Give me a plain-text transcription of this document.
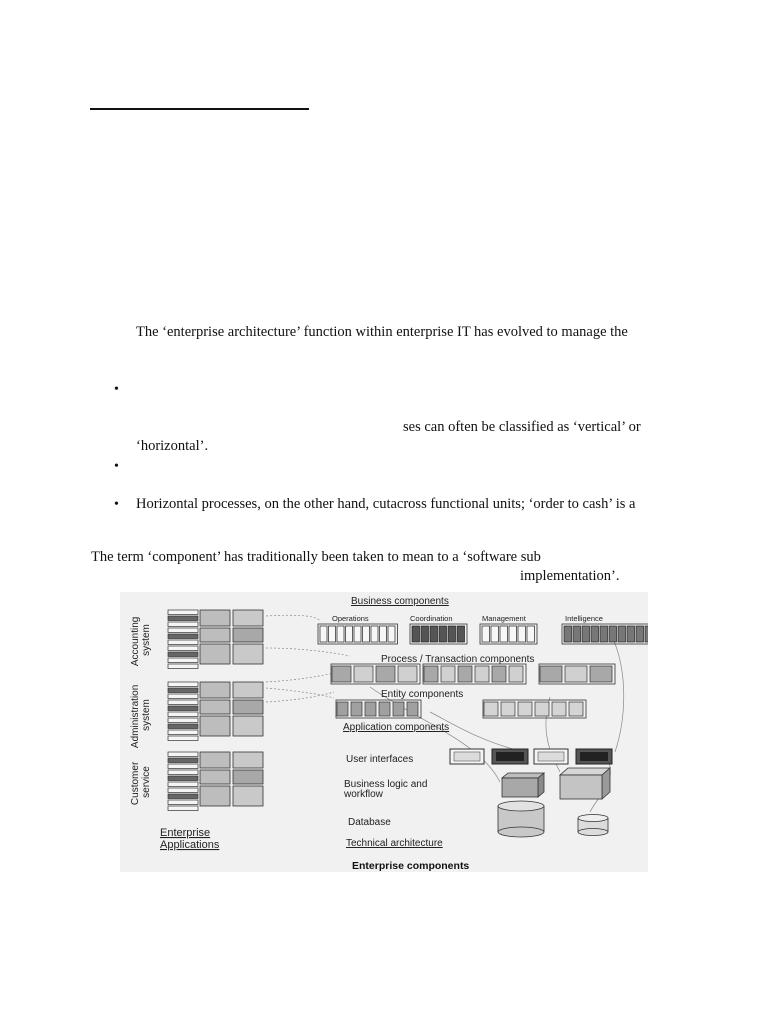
The ‘enterprise architecture’ function within enterprise IT has evolved to manage the
•
ses can often be classified as ‘vertical’ or
‘horizontal’.
•
• Horizontal processes, on the other hand, cutacross functional units; ‘order to cash’ is a
The term ‘component’ has traditionally been taken to mean to a ‘software sub
implementation’.
Accounting system
Administration system
Customer service
Enterprise
Applications
Business components
Operations	Coordination	Management	Intelligence
Process / Transaction components
Entity components
Application components
User interfaces
Business logic and
workflow
Database
Technical architecture
Enterprise components
